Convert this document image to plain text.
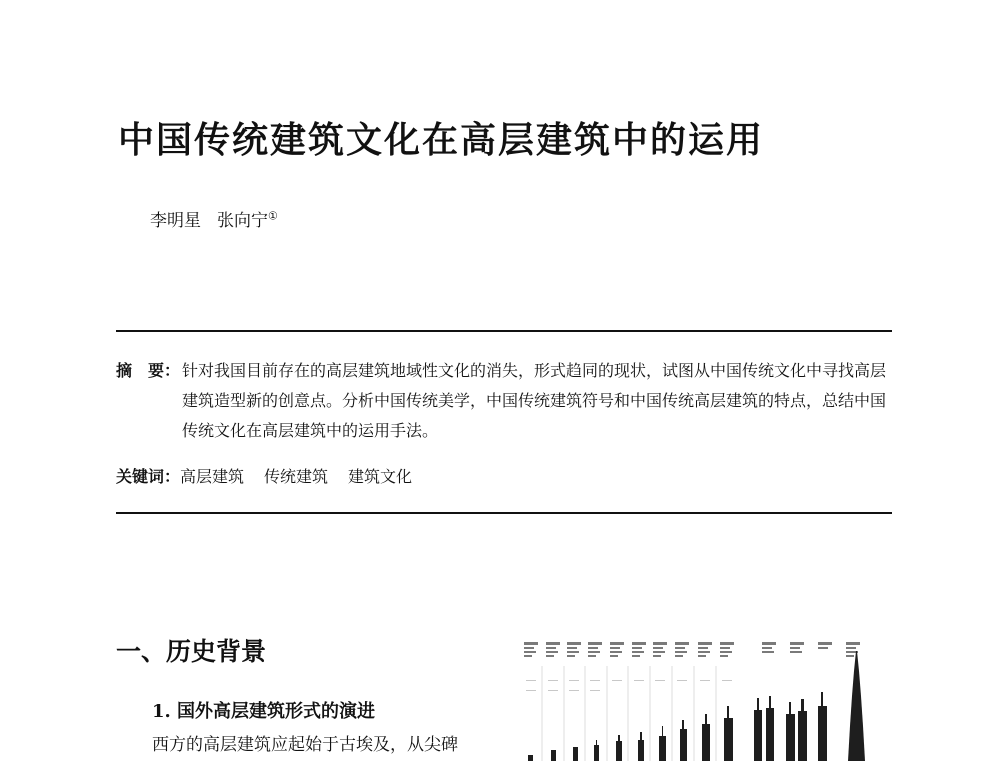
中国传统建筑文化在高层建筑中的运用
李明星 张向宁①
摘　要： 针对我国目前存在的高层建筑地域性文化的消失，形式趋同的现状，试图从中国传统文化中寻找高层建筑造型新的创意点。分析中国传统美学，中国传统建筑符号和中国传统高层建筑的特点，总结中国传统文化在高层建筑中的运用手法。
关键词：高层建筑 传统建筑 建筑文化
一、历史背景
1. 国外高层建筑形式的演进
西方的高层建筑应起始于古埃及，从尖碑
